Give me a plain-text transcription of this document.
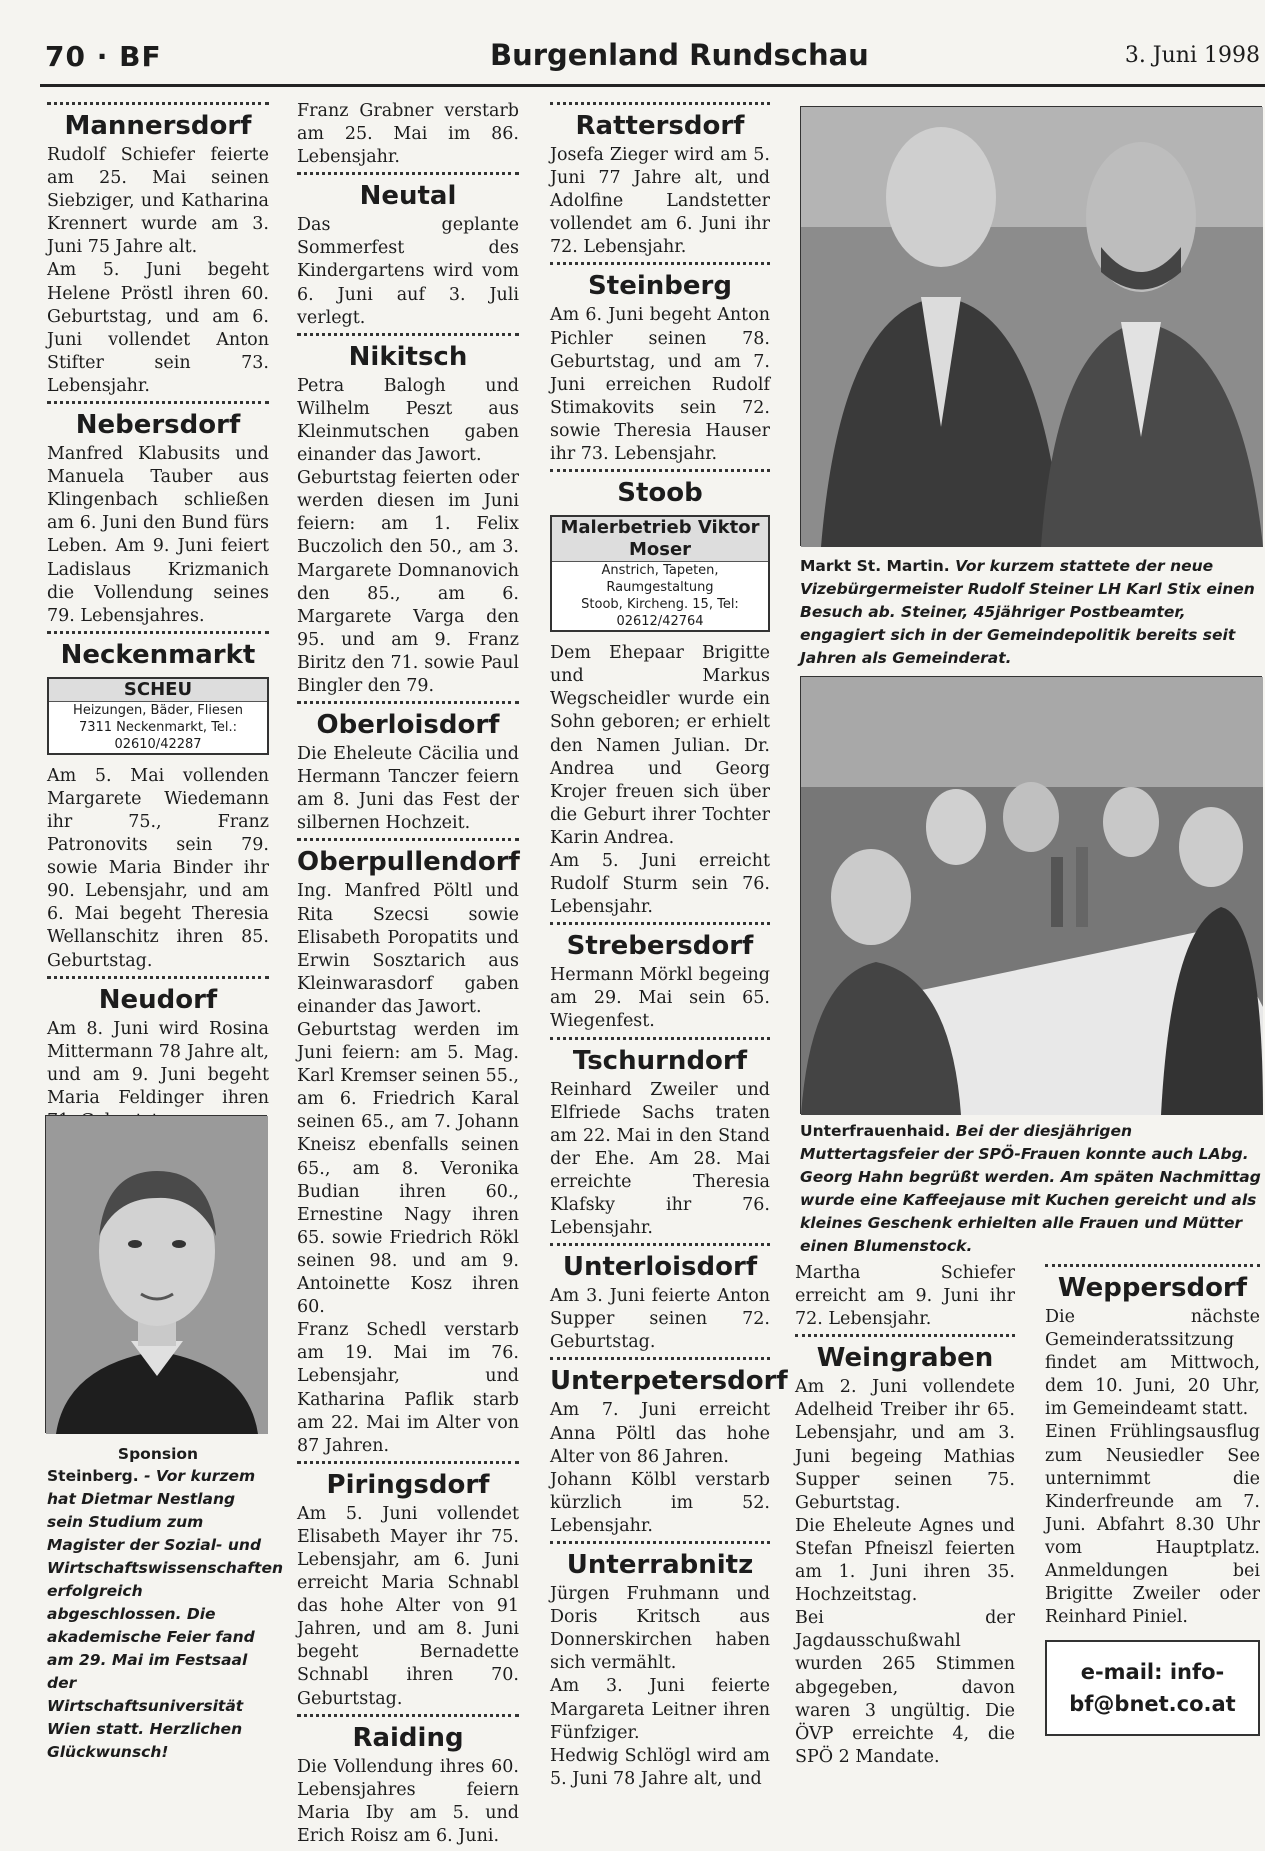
70 · BF	Burgenland Rundschau	3. Juni 1998
Mannersdorf

Rudolf Schiefer feierte am 25. Mai seinen Siebziger, und Katharina Krennert wurde am 3. Juni 75 Jahre alt.

Am 5. Juni begeht Helene Pröstl ihren 60. Geburtstag, und am 6. Juni vollendet Anton Stifter sein 73. Lebensjahr.

Nebersdorf

Manfred Klabusits und Manuela Tauber aus Klingenbach schließen am 6. Juni den Bund fürs Leben. Am 9. Juni feiert Ladislaus Krizmanich die Vollendung seines 79. Lebensjahres.

Neckenmarkt
SCHEU
Heizungen, Bäder, Fliesen
7311 Neckenmarkt, Tel.: 02610/42287

Am 5. Mai vollenden Margarete Wiedemann ihr 75., Franz Patronovits sein 79. sowie Maria Binder ihr 90. Lebensjahr, und am 6. Mai begeht Theresia Wellanschitz ihren 85. Geburtstag.

Neudorf

Am 8. Juni wird Rosina Mittermann 78 Jahre alt, und am 9. Juni begeht Maria Feldinger ihren

Franz Grabner verstarb am 25. Mai im 86. Lebensjahr.

Neutal

Das geplante Sommerfest des Kindergartens wird vom 6. Juni auf 3. Juli verlegt.

Nikitsch

Petra Balogh und Wilhelm Peszt aus Kleinmutschen gaben einander das Jawort.

Geburtstag feierten oder werden diesen im Juni feiern: am 1. Felix Buczolich den 50., am 3. Margarete Domnanovich den 85., am 6. Margarete Varga den 95. und am 9. Franz Biritz den 71. sowie Paul Bingler den 79.

Oberloisdorf

Die Eheleute Cäcilia und Hermann Tanczer feiern am 8. Juni das Fest der silbernen Hochzeit.

Oberpullendorf

Ing. Manfred Pöltl und Rita Szecsi sowie Elisabeth Poropatits und Erwin Sosztarich aus Kleinwarasdorf gaben einander das Jawort.

Geburtstag werden im Juni feiern: am 5. Mag. Karl Kremser seinen 55., am 6. Friedrich Karal seinen 65., am 7. Johann Kneisz ebenfalls seinen 65., am 8. Veronika Budian ihren 60., Ernestine Nagy ihren 65. sowie Friedrich Rökl seinen 98. und am 9. Antoinette Kosz ihren 60.

Franz Schedl verstarb am 19. Mai im 76. Lebensjahr, und Katharina Paflik starb am 22. Mai im Alter von 87 Jahren.

Piringsdorf

Am 5. Juni vollendet Elisabeth Mayer ihr 75. Lebensjahr, am 6. Juni erreicht Maria Schnabl das hohe Alter von 91 Jahren, und am 8. Juni begeht Bernadette Schnabl ihren 70. Geburtstag.

Raiding

Die Vollendung ihres 60. Lebensjahres feiern Maria Iby am 5. und Erich Roisz am 6. Juni.

Rattersdorf

Josefa Zieger wird am 5. Juni 77 Jahre alt, und Adolfine Landstetter vollendet am 6. Juni ihr 72. Lebensjahr.

Steinberg

Am 6. Juni begeht Anton Pichler seinen 78. Geburtstag, und am 7. Juni erreichen Rudolf Stimakovits sein 72. sowie Theresia Hauser ihr 73. Lebensjahr.

Stoob
Malerbetrieb Viktor Moser
Anstrich, Tapeten, Raumgestaltung
Stoob, Kircheng. 15, Tel: 02612/42764

Dem Ehepaar Brigitte und Markus Wegscheidler wurde ein Sohn geboren; er erhielt den Namen Julian. Dr. Andrea und Georg Krojer freuen sich über die Geburt ihrer Tochter Karin Andrea.

Am 5. Juni erreicht Rudolf Sturm sein 76. Lebensjahr.

Strebersdorf

Hermann Mörkl begeing am 29. Mai sein 65. Wiegenfest.

Tschurndorf

Reinhard Zweiler und Elfriede Sachs traten am 22. Mai in den Stand der Ehe. Am 28. Mai erreichte Theresia Klafsky ihr 76. Lebensjahr.

Unterloisdorf

Am 3. Juni feierte Anton Supper seinen 72. Geburtstag.

Unterpetersdorf

Am 7. Juni erreicht Anna Pöltl das hohe Alter von 86 Jahren.

Johann Kölbl verstarb kürzlich im 52. Lebensjahr.

Unterrabnitz

Jürgen Fruhmann und Doris Kritsch aus Donnerskirchen haben sich vermählt.

Am 3. Juni feierte Margareta Leitner ihren Fünfziger.

Hedwig Schlögl wird am 5. Juni 78 Jahre alt, und

Martha Schiefer erreicht am 9. Juni ihr 72. Lebensjahr.

Weingraben

Am 2. Juni vollendete Adelheid Treiber ihr 65. Lebensjahr, und am 3. Juni begeing Mathias Supper seinen 75. Geburtstag.

Die Eheleute Agnes und Stefan Pfneiszl feierten am 1. Juni ihren 35. Hochzeitstag.

Bei der Jagdausschußwahl wurden 265 Stimmen abgegeben, davon waren 3 ungültig. Die ÖVP erreichte 4, die SPÖ 2 Mandate.

Weppersdorf

Die nächste Gemeinderatssitzung findet am Mittwoch, dem 10. Juni, 20 Uhr, im Gemeindeamt statt.

Einen Frühlingsausflug zum Neusiedler See unternimmt die Kinderfreunde am 7. Juni. Abfahrt 8.30 Uhr vom Hauptplatz. Anmeldungen bei Brigitte Zweiler oder Reinhard Piniel.

Sponsion
Steinberg. - Vor kurzem hat Dietmar Nestlang sein Studium zum Magister der Sozial- und Wirtschaftswissenschaften erfolgreich abgeschlossen. Die akademische Feier fand am 29. Mai im Festsaal der Wirtschaftsuniversität Wien statt. Herzlichen Glückwunsch!
Markt St. Martin. Vor kurzem stattete der neue Vizebürgermeister Rudolf Steiner LH Karl Stix einen Besuch ab. Steiner, 45jähriger Postbeamter, engagiert sich in der Gemeindepolitik bereits seit Jahren als Gemeinderat.
Unterfrauenhaid. Bei der diesjährigen Muttertagsfeier der SPÖ-Frauen konnte auch LAbg. Georg Hahn begrüßt werden. Am späten Nachmittag wurde eine Kaffeejause mit Kuchen gereicht und als kleines Geschenk erhielten alle Frauen und Mütter einen Blumenstock.
e-mail: info-
bf@bnet.co.at
